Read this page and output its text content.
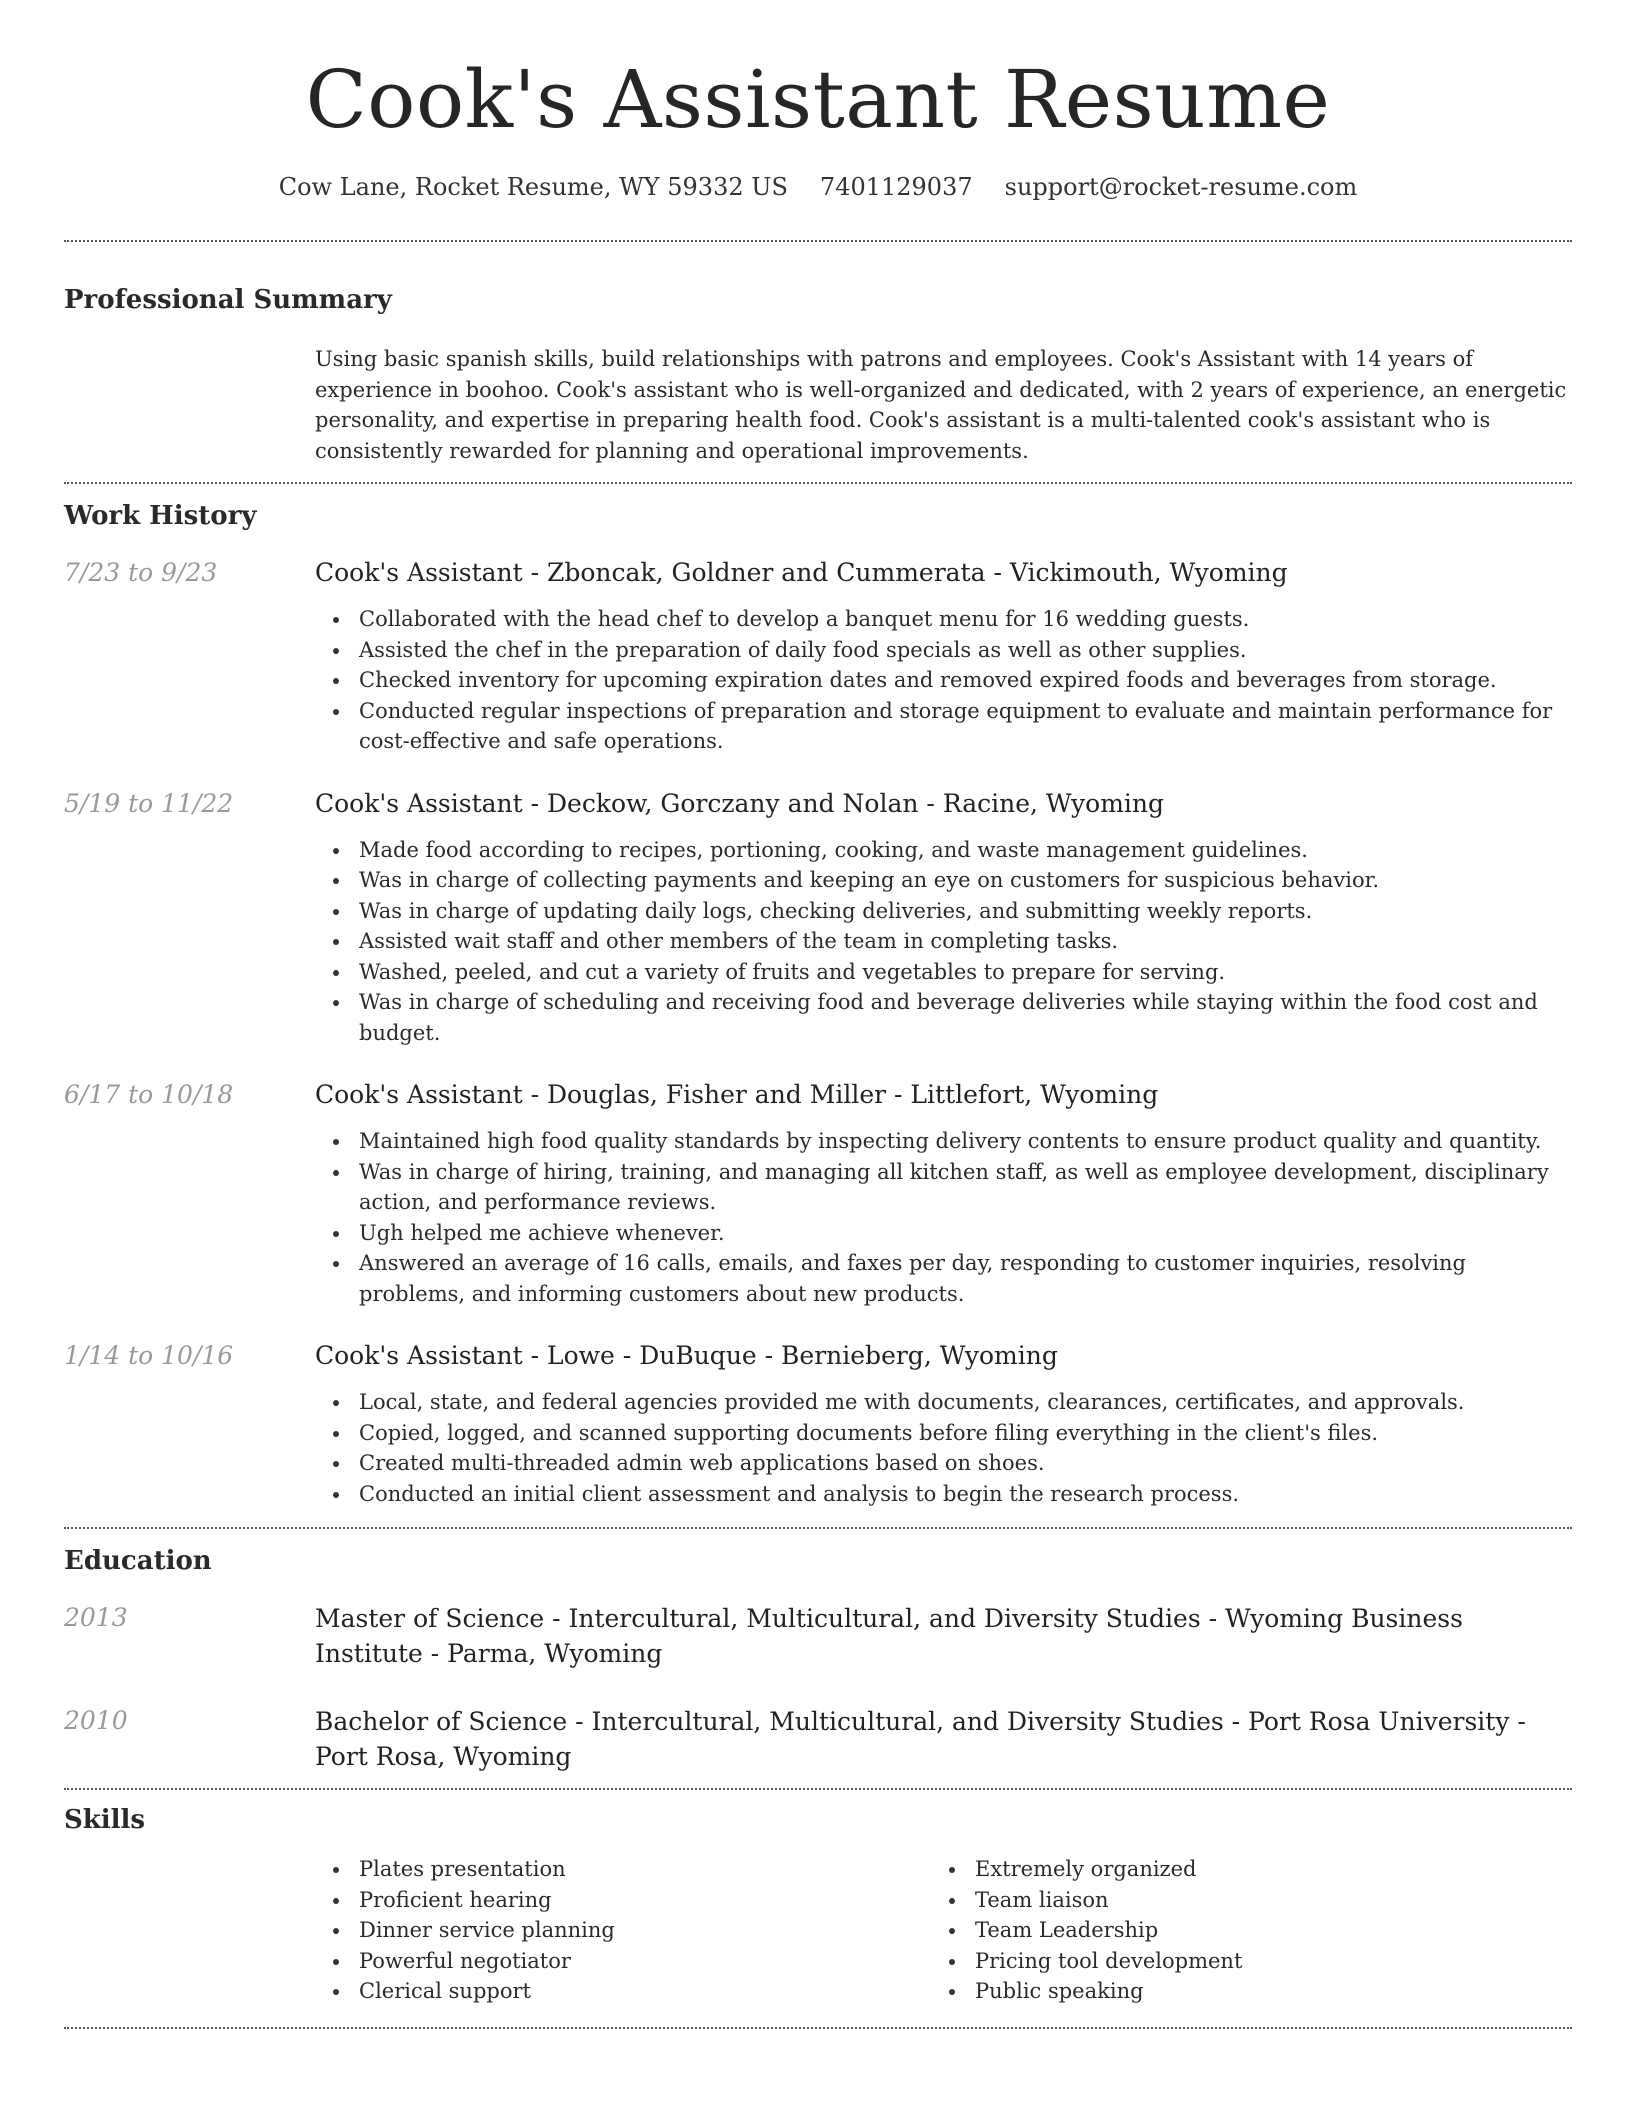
Cook's Assistant Resume
Cow Lane, Rocket Resume, WY 59332 US 7401129037 support@rocket-resume.com
Professional Summary

Using basic spanish skills, build relationships with patrons and employees. Cook's Assistant with 14 years of experience in boohoo. Cook's assistant who is well-organized and dedicated, with 2 years of experience, an energetic personality, and expertise in preparing health food. Cook's assistant is a multi-talented cook's assistant who is consistently rewarded for planning and operational improvements.

Work History
7/23 to 9/23	Cook's Assistant - Zboncak, Goldner and Cummerata - Vickimouth, Wyoming
Collaborated with the head chef to develop a banquet menu for 16 wedding guests.
Assisted the chef in the preparation of daily food specials as well as other supplies.
Checked inventory for upcoming expiration dates and removed expired foods and beverages from storage.
Conducted regular inspections of preparation and storage equipment to evaluate and maintain performance for cost-effective and safe operations.
5/19 to 11/22	Cook's Assistant - Deckow, Gorczany and Nolan - Racine, Wyoming
Made food according to recipes, portioning, cooking, and waste management guidelines.
Was in charge of collecting payments and keeping an eye on customers for suspicious behavior.
Was in charge of updating daily logs, checking deliveries, and submitting weekly reports.
Assisted wait staff and other members of the team in completing tasks.
Washed, peeled, and cut a variety of fruits and vegetables to prepare for serving.
Was in charge of scheduling and receiving food and beverage deliveries while staying within the food cost and budget.
6/17 to 10/18	Cook's Assistant - Douglas, Fisher and Miller - Littlefort, Wyoming
Maintained high food quality standards by inspecting delivery contents to ensure product quality and quantity.
Was in charge of hiring, training, and managing all kitchen staff, as well as employee development, disciplinary action, and performance reviews.
Ugh helped me achieve whenever.
Answered an average of 16 calls, emails, and faxes per day, responding to customer inquiries, resolving problems, and informing customers about new products.
1/14 to 10/16	Cook's Assistant - Lowe - DuBuque - Bernieberg, Wyoming
Local, state, and federal agencies provided me with documents, clearances, certificates, and approvals.
Copied, logged, and scanned supporting documents before filing everything in the client's files.
Created multi-threaded admin web applications based on shoes.
Conducted an initial client assessment and analysis to begin the research process.
Education
2013	Master of Science - Intercultural, Multicultural, and Diversity Studies - Wyoming Business Institute - Parma, Wyoming
2010	Bachelor of Science - Intercultural, Multicultural, and Diversity Studies - Port Rosa University - Port Rosa, Wyoming
Skills
Plates presentation
Proficient hearing
Dinner service planning
Powerful negotiator
Clerical support
Extremely organized
Team liaison
Team Leadership
Pricing tool development
Public speaking
